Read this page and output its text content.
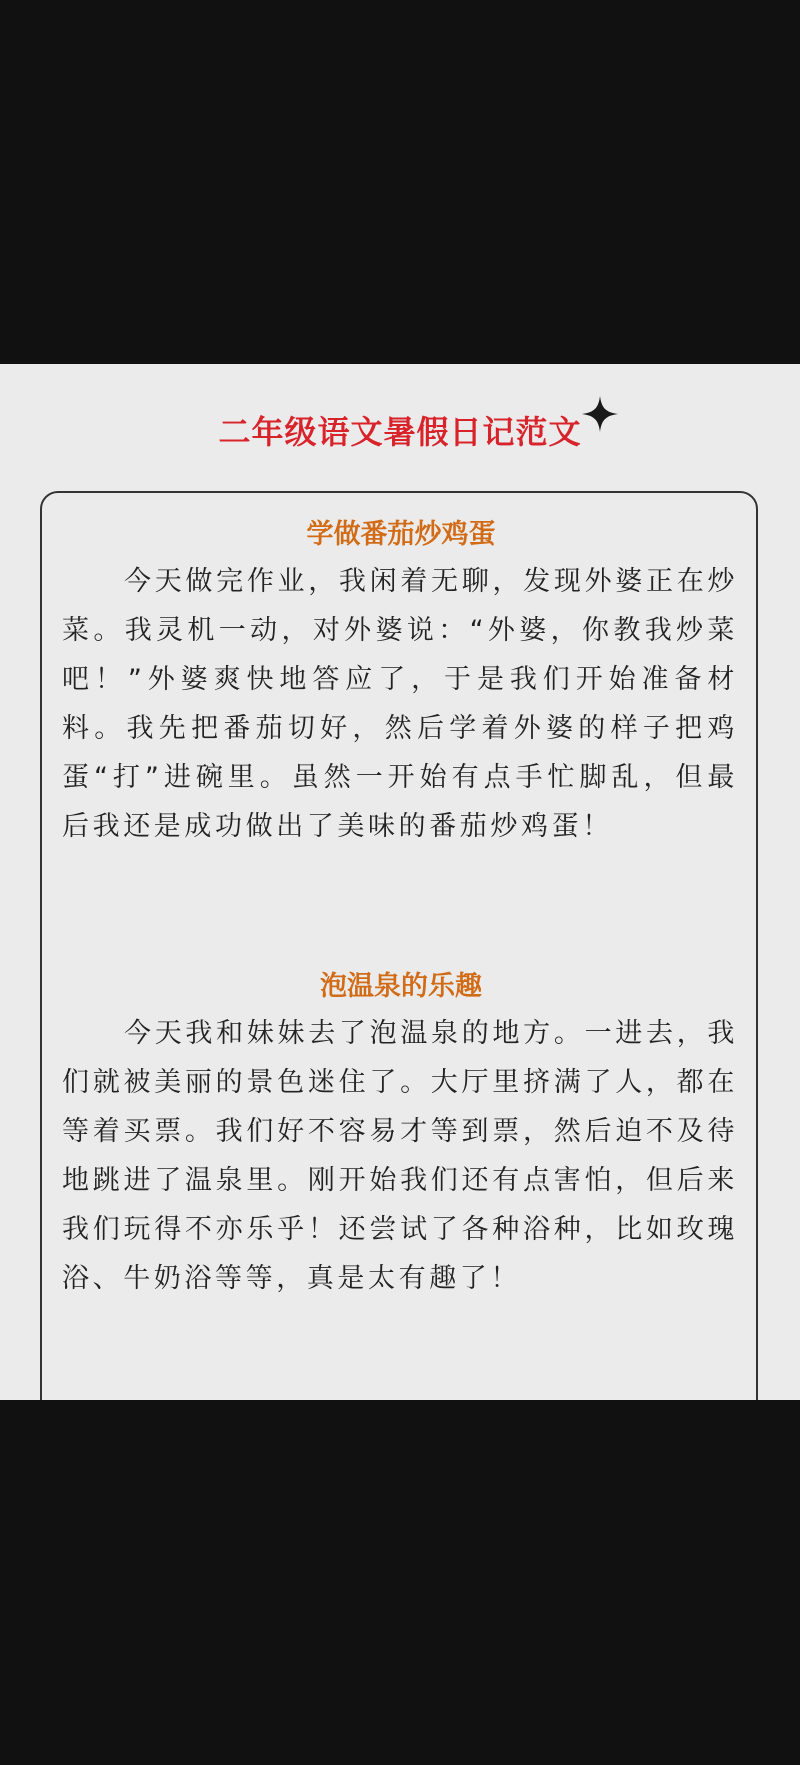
二年级语文暑假日记范文
学做番茄炒鸡蛋
今天做完作业，我闲着无聊，发现外婆正在炒菜。我灵机一动，对外婆说：“外婆，你教我炒菜吧！”外婆爽快地答应了，于是我们开始准备材料。我先把番茄切好，然后学着外婆的样子把鸡蛋“打”进碗里。虽然一开始有点手忙脚乱，但最后我还是成功做出了美味的番茄炒鸡蛋！
泡温泉的乐趣
今天我和妹妹去了泡温泉的地方。一进去，我们就被美丽的景色迷住了。大厅里挤满了人，都在等着买票。我们好不容易才等到票，然后迫不及待地跳进了温泉里。刚开始我们还有点害怕，但后来我们玩得不亦乐乎！还尝试了各种浴种，比如玫瑰浴、牛奶浴等等，真是太有趣了！
